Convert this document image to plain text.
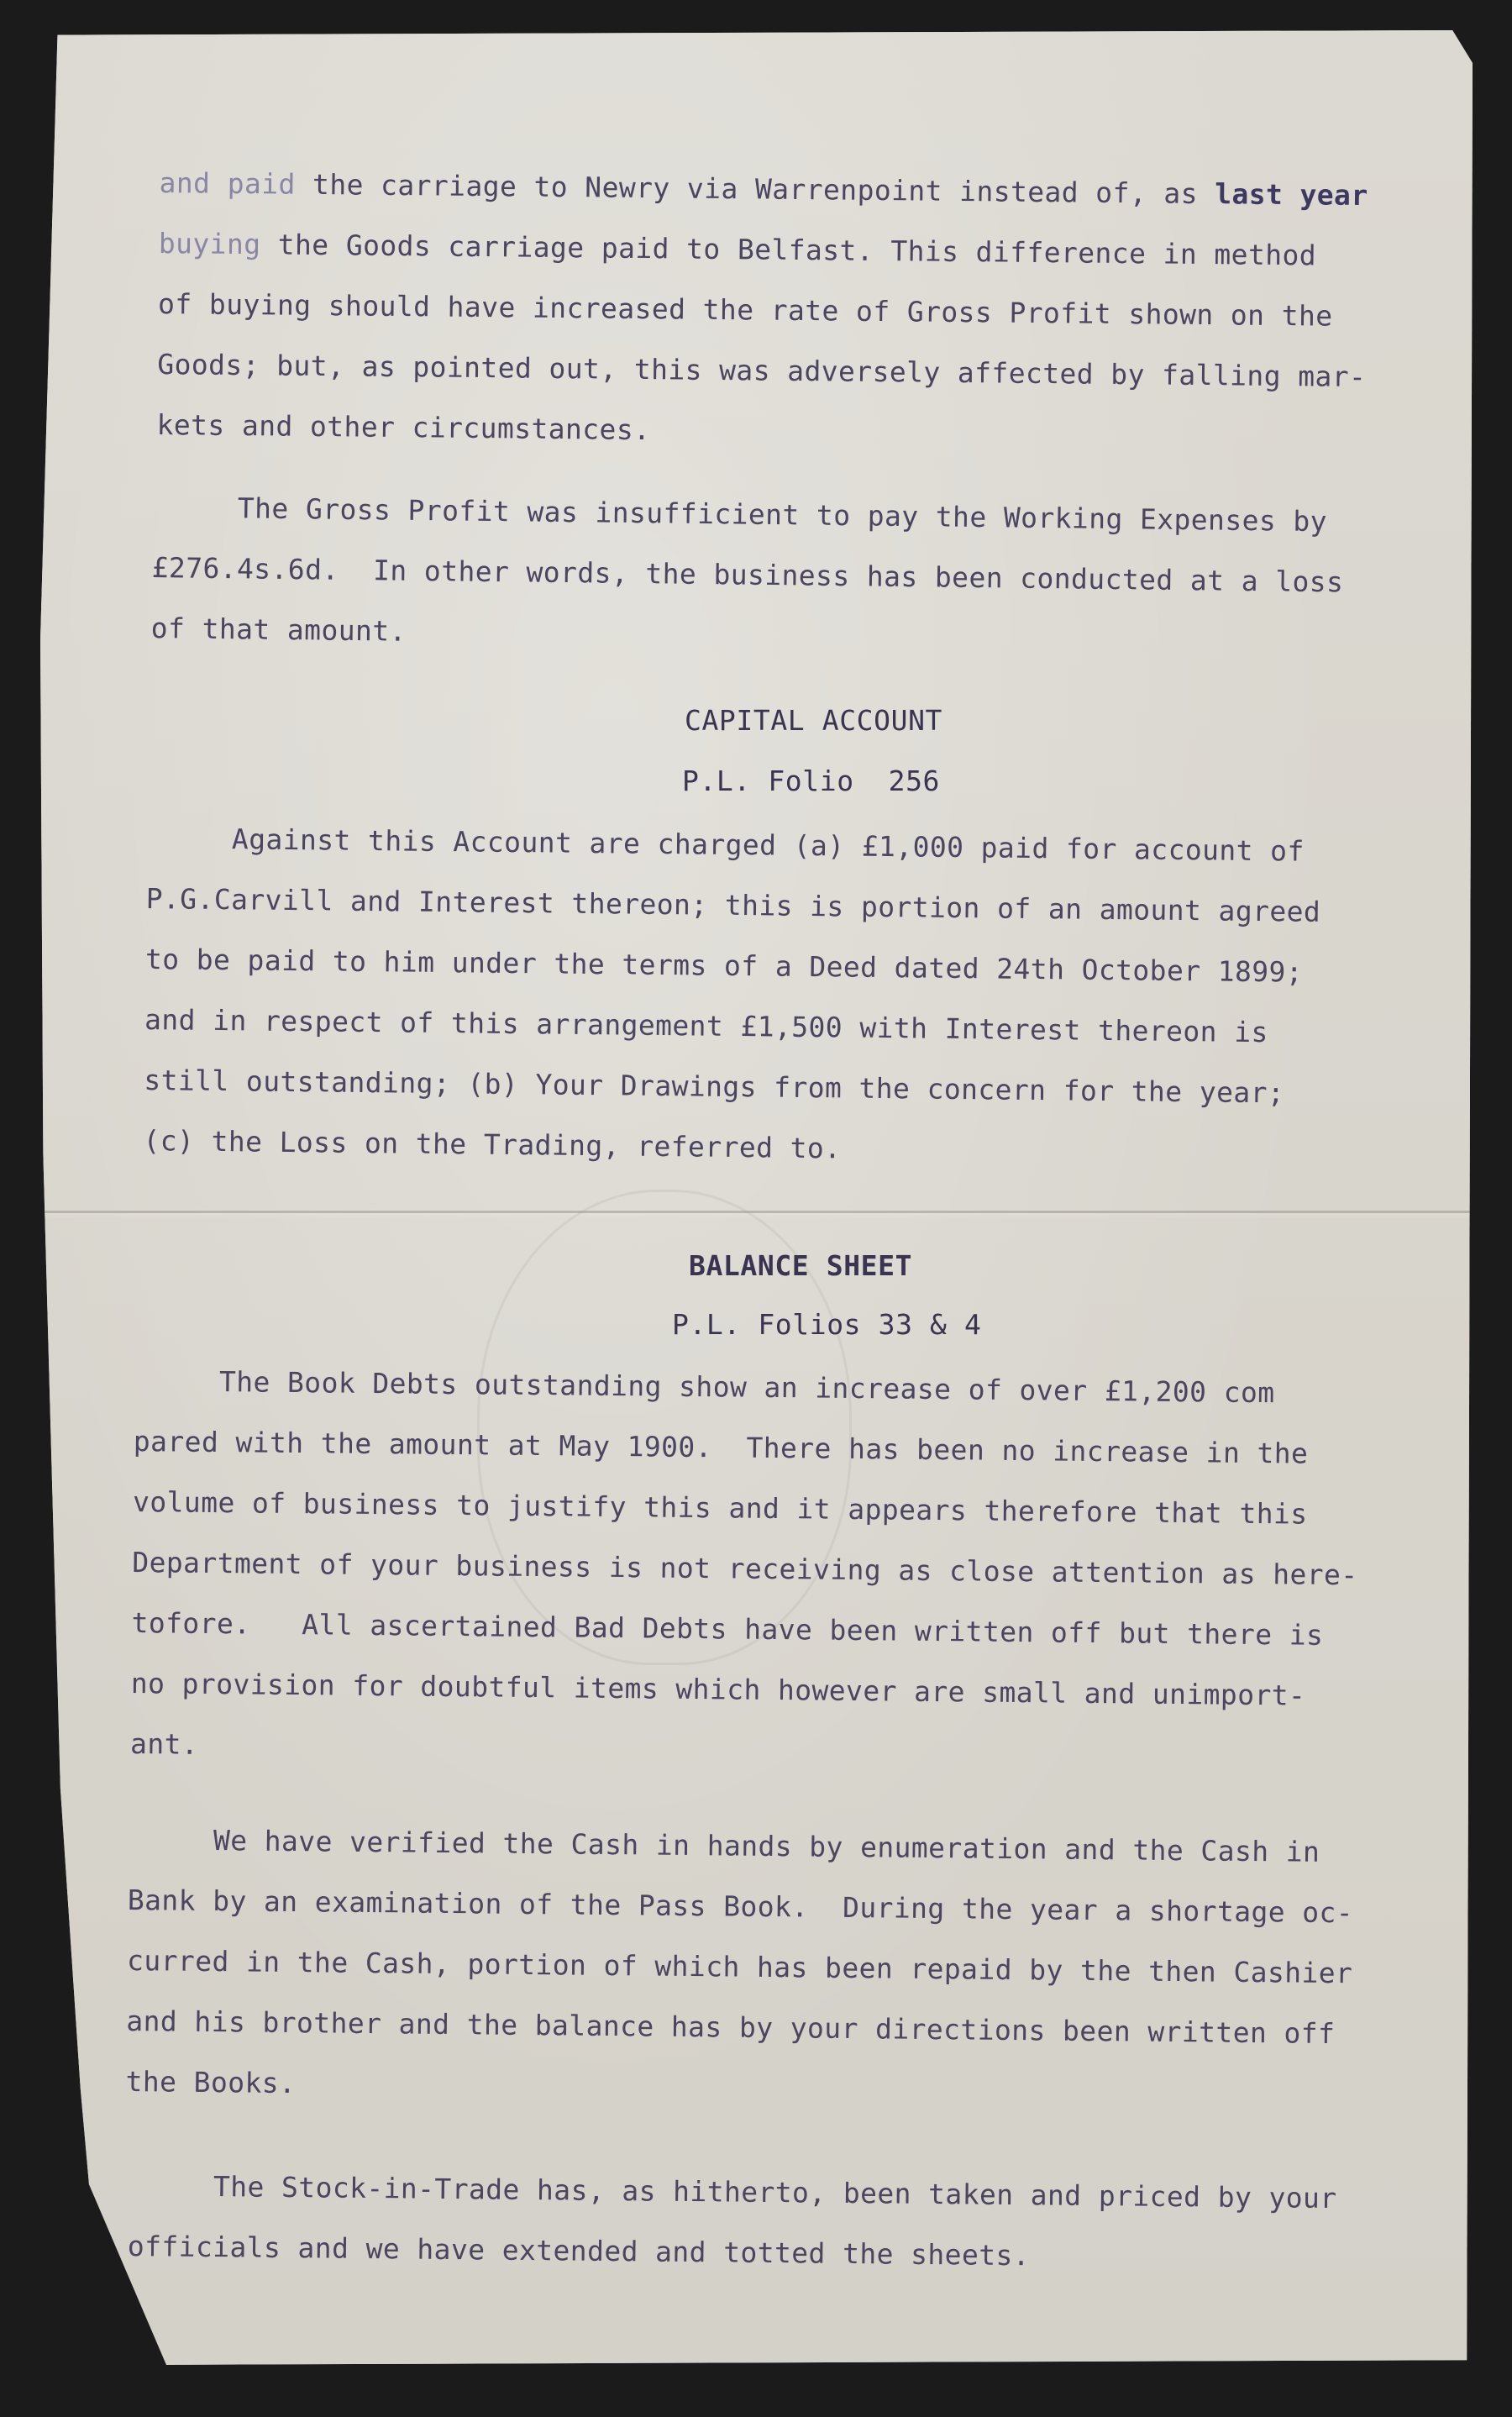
and paid the carriage to Newry via Warrenpoint instead of, as last year
buying the Goods carriage paid to Belfast. This difference in method
of buying should have increased the rate of Gross Profit shown on the
Goods; but, as pointed out, this was adversely affected by falling mar-
kets and other circumstances.
The Gross Profit was insufficient to pay the Working Expenses by
£276.4s.6d.  In other words, the business has been conducted at a loss
of that amount.
CAPITAL ACCOUNT
P.L. Folio  256
Against this Account are charged (a) £1,000 paid for account of
P.G.Carvill and Interest thereon; this is portion of an amount agreed
to be paid to him under the terms of a Deed dated 24th October 1899;
and in respect of this arrangement £1,500 with Interest thereon is
still outstanding; (b) Your Drawings from the concern for the year;
(c) the Loss on the Trading, referred to.
BALANCE SHEET
P.L. Folios 33 & 4
The Book Debts outstanding show an increase of over £1,200 com
pared with the amount at May 1900.  There has been no increase in the
volume of business to justify this and it appears therefore that this
Department of your business is not receiving as close attention as here-
tofore.   All ascertained Bad Debts have been written off but there is
no provision for doubtful items which however are small and unimport-
ant.
We have verified the Cash in hands by enumeration and the Cash in
Bank by an examination of the Pass Book.  During the year a shortage oc-
curred in the Cash, portion of which has been repaid by the then Cashier
and his brother and the balance has by your directions been written off
the Books.
The Stock-in-Trade has, as hitherto, been taken and priced by your
officials and we have extended and totted the sheets.
